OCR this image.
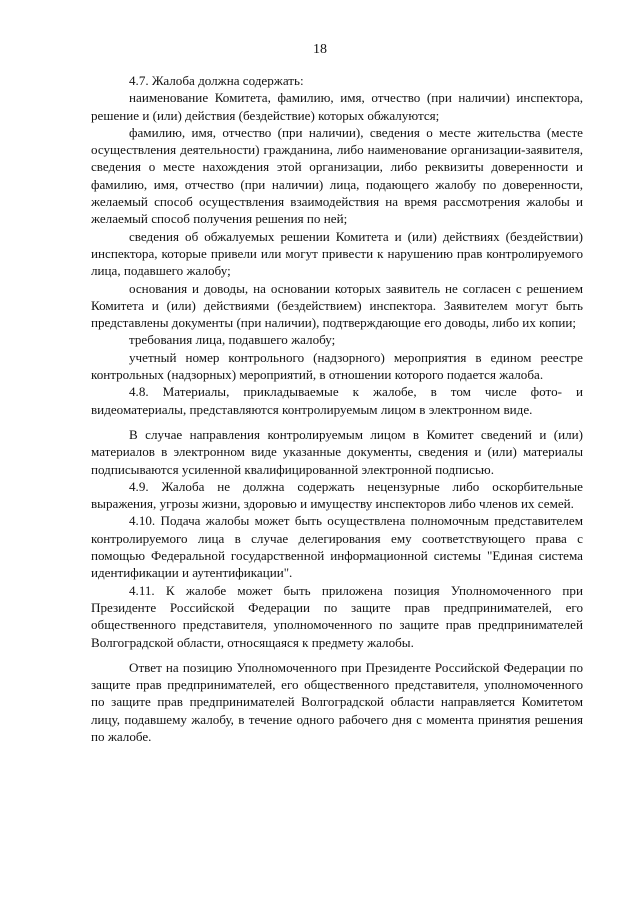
18

4.7. Жалоба должна содержать:

наименование Комитета, фамилию, имя, отчество (при наличии) инспектора, решение и (или) действия (бездействие) которых обжалуются;

фамилию, имя, отчество (при наличии), сведения о месте жительства (месте осуществления деятельности) гражданина, либо наименование организации-заявителя, сведения о месте нахождения этой организации, либо реквизиты доверенности и фамилию, имя, отчество (при наличии) лица, подающего жалобу по доверенности, желаемый способ осуществления взаимодействия на время рассмотрения жалобы и желаемый способ получения решения по ней;

сведения об обжалуемых решении Комитета и (или) действиях (бездействии) инспектора, которые привели или могут привести к нарушению прав контролируемого лица, подавшего жалобу;

основания и доводы, на основании которых заявитель не согласен с решением Комитета и (или) действиями (бездействием) инспектора. Заявителем могут быть представлены документы (при наличии), подтверждающие его доводы, либо их копии;

требования лица, подавшего жалобу;

учетный номер контрольного (надзорного) мероприятия в едином реестре контрольных (надзорных) мероприятий, в отношении которого подается жалоба.

4.8. Материалы, прикладываемые к жалобе, в том числе фото- и видеоматериалы, представляются контролируемым лицом в электронном виде.

В случае направления контролируемым лицом в Комитет сведений и (или) материалов в электронном виде указанные документы, сведения и (или) материалы подписываются усиленной квалифицированной электронной подписью.

4.9. Жалоба не должна содержать нецензурные либо оскорбительные выражения, угрозы жизни, здоровью и имуществу инспекторов либо членов их семей.

4.10. Подача жалобы может быть осуществлена полномочным представителем контролируемого лица в случае делегирования ему соответствующего права с помощью Федеральной государственной информационной системы "Единая система идентификации и аутентификации".

4.11. К жалобе может быть приложена позиция Уполномоченного при Президенте Российской Федерации по защите прав предпринимателей, его общественного представителя, уполномоченного по защите прав предпринимателей Волгоградской области, относящаяся к предмету жалобы.

Ответ на позицию Уполномоченного при Президенте Российской Федерации по защите прав предпринимателей, его общественного представителя, уполномоченного по защите прав предпринимателей Волгоградской области направляется Комитетом лицу, подавшему жалобу, в течение одного рабочего дня с момента принятия решения по жалобе.
